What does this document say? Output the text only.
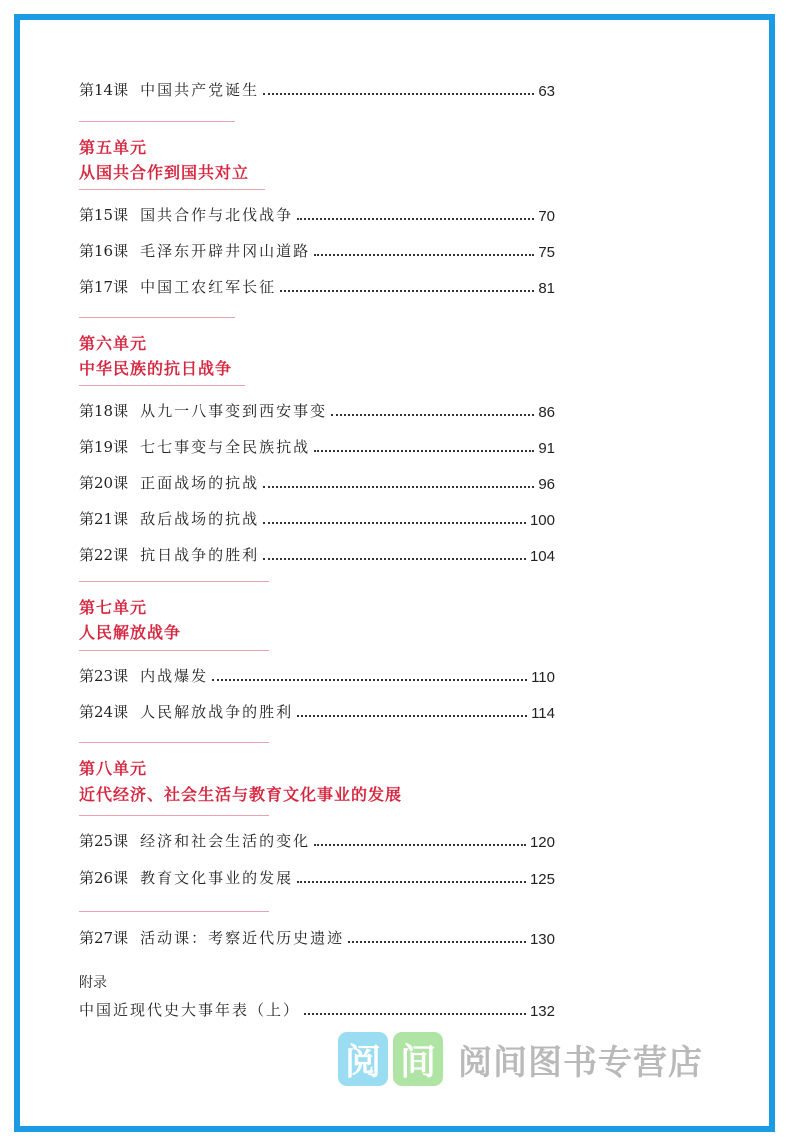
第14课 中国共产党诞生	63
第五单元
从国共合作到国共对立
第15课 国共合作与北伐战争	70
第16课 毛泽东开辟井冈山道路	75
第17课 中国工农红军长征	81
第六单元
中华民族的抗日战争
第18课 从九一八事变到西安事变	86
第19课 七七事变与全民族抗战	91
第20课 正面战场的抗战	96
第21课 敌后战场的抗战	100
第22课 抗日战争的胜利	104
第七单元
人民解放战争
第23课 内战爆发	110
第24课 人民解放战争的胜利	114
第八单元
近代经济、社会生活与教育文化事业的发展
第25课 经济和社会生活的变化	120
第26课 教育文化事业的发展	125
第27课 活动课：考察近代历史遗迹	130
附录
中国近现代史大事年表（上）	132
阅 间 阅间图书专营店
